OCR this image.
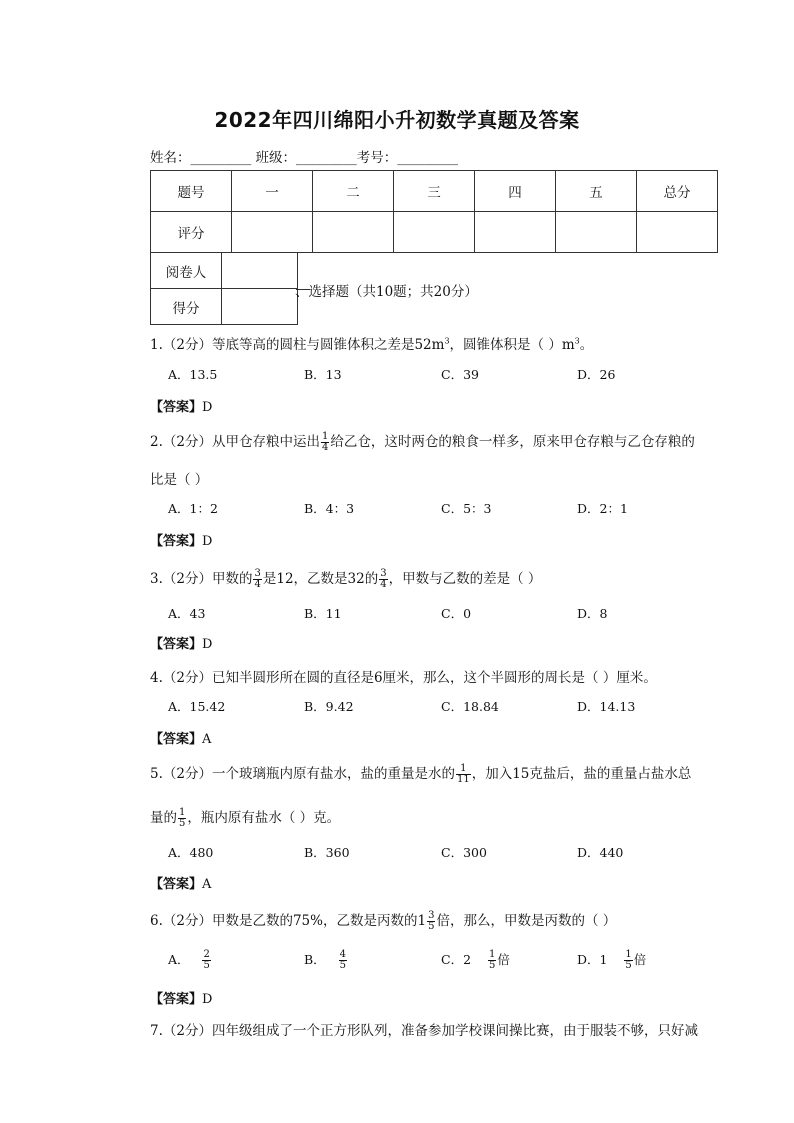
2022年四川绵阳小升初数学真题及答案
姓名：_________ 班级：_________考号：_________
题号	一	二	三	四	五	总分
评分						
阅卷人	
得分	
、选择题（共10题；共20分）
1.（2分）等底等高的圆柱与圆锥体积之差是$52m^3$，圆锥体积是（ ）$m^3$。
A．13.5	B．13	C．39	D．26
【答案】D
2.（2分）从甲仓存粮中运出 $\frac{1}{4}$ 给乙仓，这时两仓的粮食一样多，原来甲仓存粮与乙仓存粮的
比是（ ）
A．1：2	B．4：3	C．5：3	D．2：1
【答案】D
3.（2分）甲数的 $\frac{3}{4}$ 是12，乙数是32的 $\frac{3}{4}$ ，甲数与乙数的差是（ ）
A．43	B．11	C．0	D．8
【答案】D
4.（2分）已知半圆形所在圆的直径是6厘米，那么，这个半圆形的周长是（ ）厘米。
A．15.42	B．9.42	C．18.84	D．14.13
【答案】A
5.（2分）一个玻璃瓶内原有盐水，盐的重量是水的 $\frac{1}{11}$ ，加入15克盐后，盐的重量占盐水总
量的 $\frac{1}{5}$ ，瓶内原有盐水（ ）克。
A．480	B．360	C．300	D．440
【答案】A
6.（2分）甲数是乙数的75%，乙数是丙数的$1 \frac{3}{5}$ 倍，那么，甲数是丙数的（ ）
A． $\frac{2}{5}$	B． $\frac{4}{5}$	C．$2 \frac{1}{5}$ 倍	D．$1 \frac{1}{5}$ 倍
【答案】D
7.（2分）四年级组成了一个正方形队列，准备参加学校课间操比赛，由于服装不够，只好减
